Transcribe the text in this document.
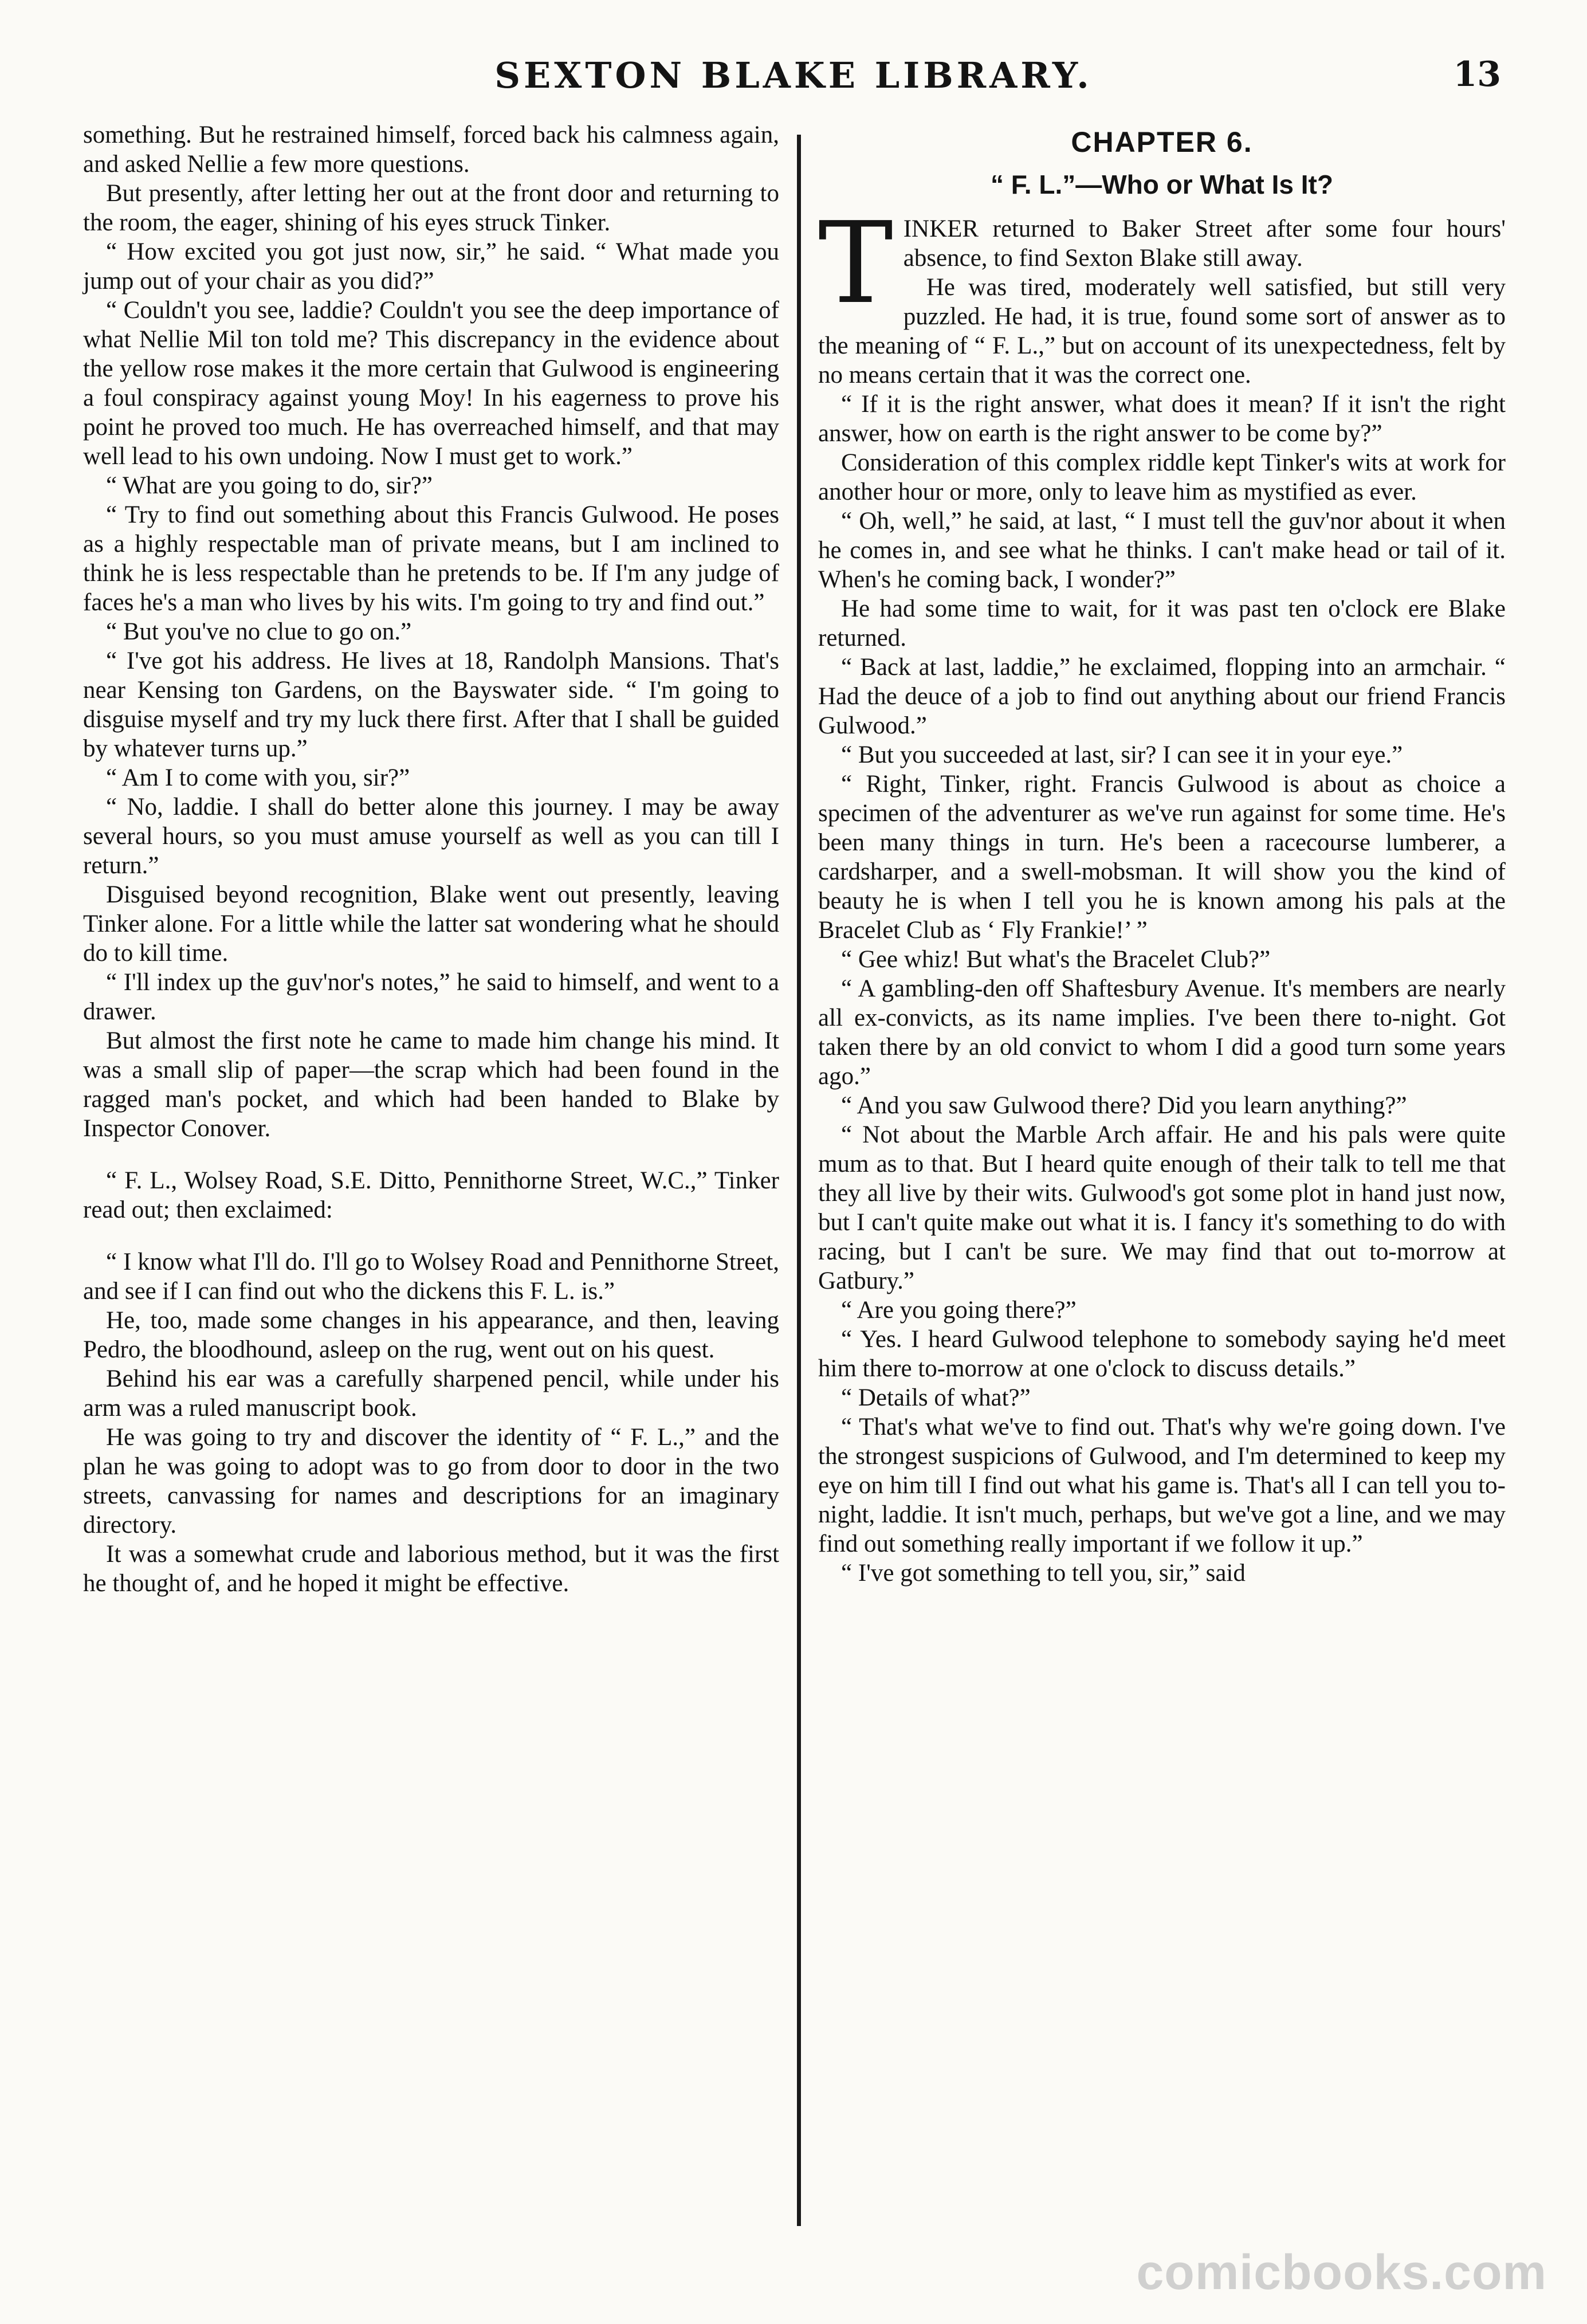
SEXTON BLAKE LIBRARY.	13

something. But he restrained himself, forced back his calmness again, and asked Nellie a few more questions.

But presently, after letting her out at the front door and returning to the room, the eager, shining of his eyes struck Tinker.

“ How excited you got just now, sir,” he said. “ What made you jump out of your chair as you did?”

“ Couldn't you see, laddie? Couldn't you see the deep importance of what Nellie Mil ton told me? This discrepancy in the evidence about the yellow rose makes it the more certain that Gulwood is engineering a foul conspiracy against young Moy! In his eagerness to prove his point he proved too much. He has overreached himself, and that may well lead to his own undoing. Now I must get to work.”

“ What are you going to do, sir?”

“ Try to find out something about this Francis Gulwood. He poses as a highly respectable man of private means, but I am inclined to think he is less respectable than he pretends to be. If I'm any judge of faces he's a man who lives by his wits. I'm going to try and find out.”

“ But you've no clue to go on.”

“ I've got his address. He lives at 18, Randolph Mansions. That's near Kensing ton Gardens, on the Bayswater side. “ I'm going to disguise myself and try my luck there first. After that I shall be guided by whatever turns up.”

“ Am I to come with you, sir?”

“ No, laddie. I shall do better alone this journey. I may be away several hours, so you must amuse yourself as well as you can till I return.”

Disguised beyond recognition, Blake went out presently, leaving Tinker alone. For a little while the latter sat wondering what he should do to kill time.

“ I'll index up the guv'nor's notes,” he said to himself, and went to a drawer.

But almost the first note he came to made him change his mind. It was a small slip of paper—the scrap which had been found in the ragged man's pocket, and which had been handed to Blake by Inspector Conover.

“ F. L., Wolsey Road, S.E. Ditto, Pennithorne Street, W.C.,” Tinker read out; then exclaimed:

“ I know what I'll do. I'll go to Wolsey Road and Pennithorne Street, and see if I can find out who the dickens this F. L. is.”

He, too, made some changes in his appearance, and then, leaving Pedro, the bloodhound, asleep on the rug, went out on his quest.

Behind his ear was a carefully sharpened pencil, while under his arm was a ruled manuscript book.

He was going to try and discover the identity of “ F. L.,” and the plan he was going to adopt was to go from door to door in the two streets, canvassing for names and descriptions for an imaginary directory.

It was a somewhat crude and laborious method, but it was the first he thought of, and he hoped it might be effective.

CHAPTER 6.
“ F. L.”—Who or What Is It?

TINKER returned to Baker Street after some four hours' absence, to find Sexton Blake still away.

He was tired, moderately well satisfied, but still very puzzled. He had, it is true, found some sort of answer as to the meaning of “ F. L.,” but on account of its unexpectedness, felt by no means certain that it was the correct one.

“ If it is the right answer, what does it mean? If it isn't the right answer, how on earth is the right answer to be come by?”

Consideration of this complex riddle kept Tinker's wits at work for another hour or more, only to leave him as mystified as ever.

“ Oh, well,” he said, at last, “ I must tell the guv'nor about it when he comes in, and see what he thinks. I can't make head or tail of it. When's he coming back, I wonder?”

He had some time to wait, for it was past ten o'clock ere Blake returned.

“ Back at last, laddie,” he exclaimed, flopping into an armchair. “ Had the deuce of a job to find out anything about our friend Francis Gulwood.”

“ But you succeeded at last, sir? I can see it in your eye.”

“ Right, Tinker, right. Francis Gulwood is about as choice a specimen of the adventurer as we've run against for some time. He's been many things in turn. He's been a racecourse lumberer, a cardsharper, and a swell-mobsman. It will show you the kind of beauty he is when I tell you he is known among his pals at the Bracelet Club as ‘ Fly Frankie!’ ”

“ Gee whiz! But what's the Bracelet Club?”

“ A gambling-den off Shaftesbury Avenue. It's members are nearly all ex-convicts, as its name implies. I've been there to-night. Got taken there by an old convict to whom I did a good turn some years ago.”

“ And you saw Gulwood there? Did you learn anything?”

“ Not about the Marble Arch affair. He and his pals were quite mum as to that. But I heard quite enough of their talk to tell me that they all live by their wits. Gulwood's got some plot in hand just now, but I can't quite make out what it is. I fancy it's something to do with racing, but I can't be sure. We may find that out to-morrow at Gatbury.”

“ Are you going there?”

“ Yes. I heard Gulwood telephone to somebody saying he'd meet him there to-morrow at one o'clock to discuss details.”

“ Details of what?”

“ That's what we've to find out. That's why we're going down. I've the strongest suspicions of Gulwood, and I'm determined to keep my eye on him till I find out what his game is. That's all I can tell you to-night, laddie. It isn't much, perhaps, but we've got a line, and we may find out something really important if we follow it up.”

“ I've got something to tell you, sir,” said

comicbooks.com
